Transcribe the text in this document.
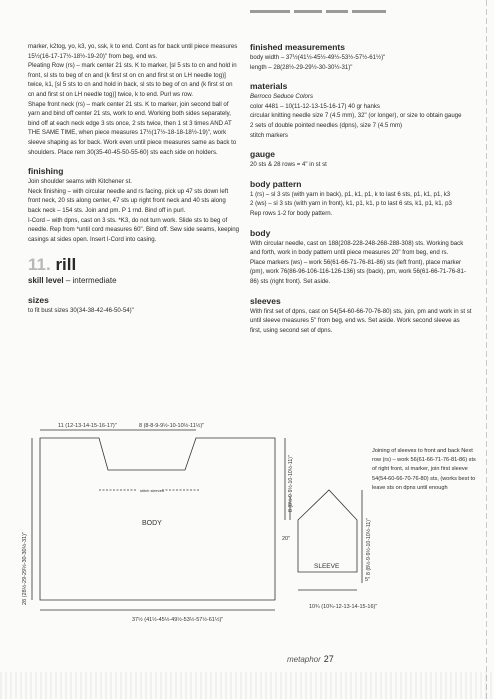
marker, k2tog, yo, k3, yo, ssk, k to end. Cont as for back until piece measures 15½(16-17-17½-18½-19-20)" from beg, end ws.

Pleating Row (rs) – mark center 21 sts. K to marker, [sl 5 sts to cn and hold in front, sl sts to beg of cn and (k first st on cn and first st on LH needle tog)] twice, k1, [sl 5 sts to cn and hold in back, sl sts to beg of cn and (k first st on cn and first st on LH needle tog)] twice, k to end. Purl ws row.

Shape front neck (rs) – mark center 21 sts. K to marker, join second ball of yarn and bind off center 21 sts, work to end. Working both sides separately, bind off at each neck edge 3 sts once, 2 sts twice, then 1 st 3 times AND AT THE SAME TIME, when piece measures 17½(17½-18-18-18½-19)", work sleeve shaping as for back. Work even until piece measures same as back to shoulders. Place rem 30(35-40-45-50-55-60) sts each side on holders.

finishing

Join shoulder seams with Kitchener st.

Neck finishing – with circular needle and rs facing, pick up 47 sts down left front neck, 20 sts along center, 47 sts up right front neck and 40 sts along back neck – 154 sts. Join and pm. P 1 rnd. Bind off in purl.

I-Cord – with dpns, cast on 3 sts. *K3, do not turn work. Slide sts to beg of needle. Rep from *until cord measures 60". Bind off. Sew side seams, keeping casings at sides open. Insert I-Cord into casing.

11. rill
skill level – intermediate
sizes

to fit bust sizes 30(34-38-42-46-50-54)"

finished measurements

body width – 37½(41½-45½-49½-53½-57½-61½)"

length – 28(28½-29-29½-30-30½-31)"

materials

Berroco Seduce Colors

color 4481 – 10(11-12-13-15-16-17) 40 gr hanks

circular knitting needle size 7 (4.5 mm), 32" (or longer), or size to obtain gauge

2 sets of double pointed needles (dpns), size 7 (4.5 mm)

stitch markers

gauge

20 sts & 28 rows = 4" in st st

body pattern

1 (rs) – sl 3 sts (with yarn in back), p1, k1, p1, k to last 6 sts, p1, k1, p1, k3

2 (ws) – sl 3 sts (with yarn in front), k1, p1, k1, p to last 6 sts, k1, p1, k1, p3

Rep rows 1-2 for body pattern.

body

With circular needle, cast on 188(208-228-248-268-288-308) sts. Working back and forth, work in body pattern until piece measures 20" from beg, end rs.

Place markers (ws) – work 56(61-66-71-76-81-86) sts (left front), place marker (pm), work 76(86-96-106-116-126-136) sts (back), pm, work 56(61-66-71-76-81-86) sts (right front). Set aside.

sleeves

With first set of dpns, cast on 54(54-60-66-70-76-80) sts, join, pm and work in st st until sleeve measures 5" from beg, end ws. Set aside. Work second sleeve as first, using second set of dpns.

Joining of sleeves to front and back Next row (rs) – work 56(61-66-71-76-81-86) sts of right front, sl marker, join first sleeve 54(54-60-66-70-76-80) sts, (works best to leave sts on dpns until enough

11 (12-13-14-15-16-17)"	8 (8-8-9-9½-10-10½-11½)"
stitch sleeves
BODY
28 (28½-29-29½-30-30½-31)"
8 (8½-9-9½-10-10½-11)"
37½ (41½-45½-49½-53½-57½-61½)"
20"	8 (8½-9-9½-10-10½-11)"
SLEEVE
5"
10¾ (10¾-12-13-14-15-16)"
metaphor 27
